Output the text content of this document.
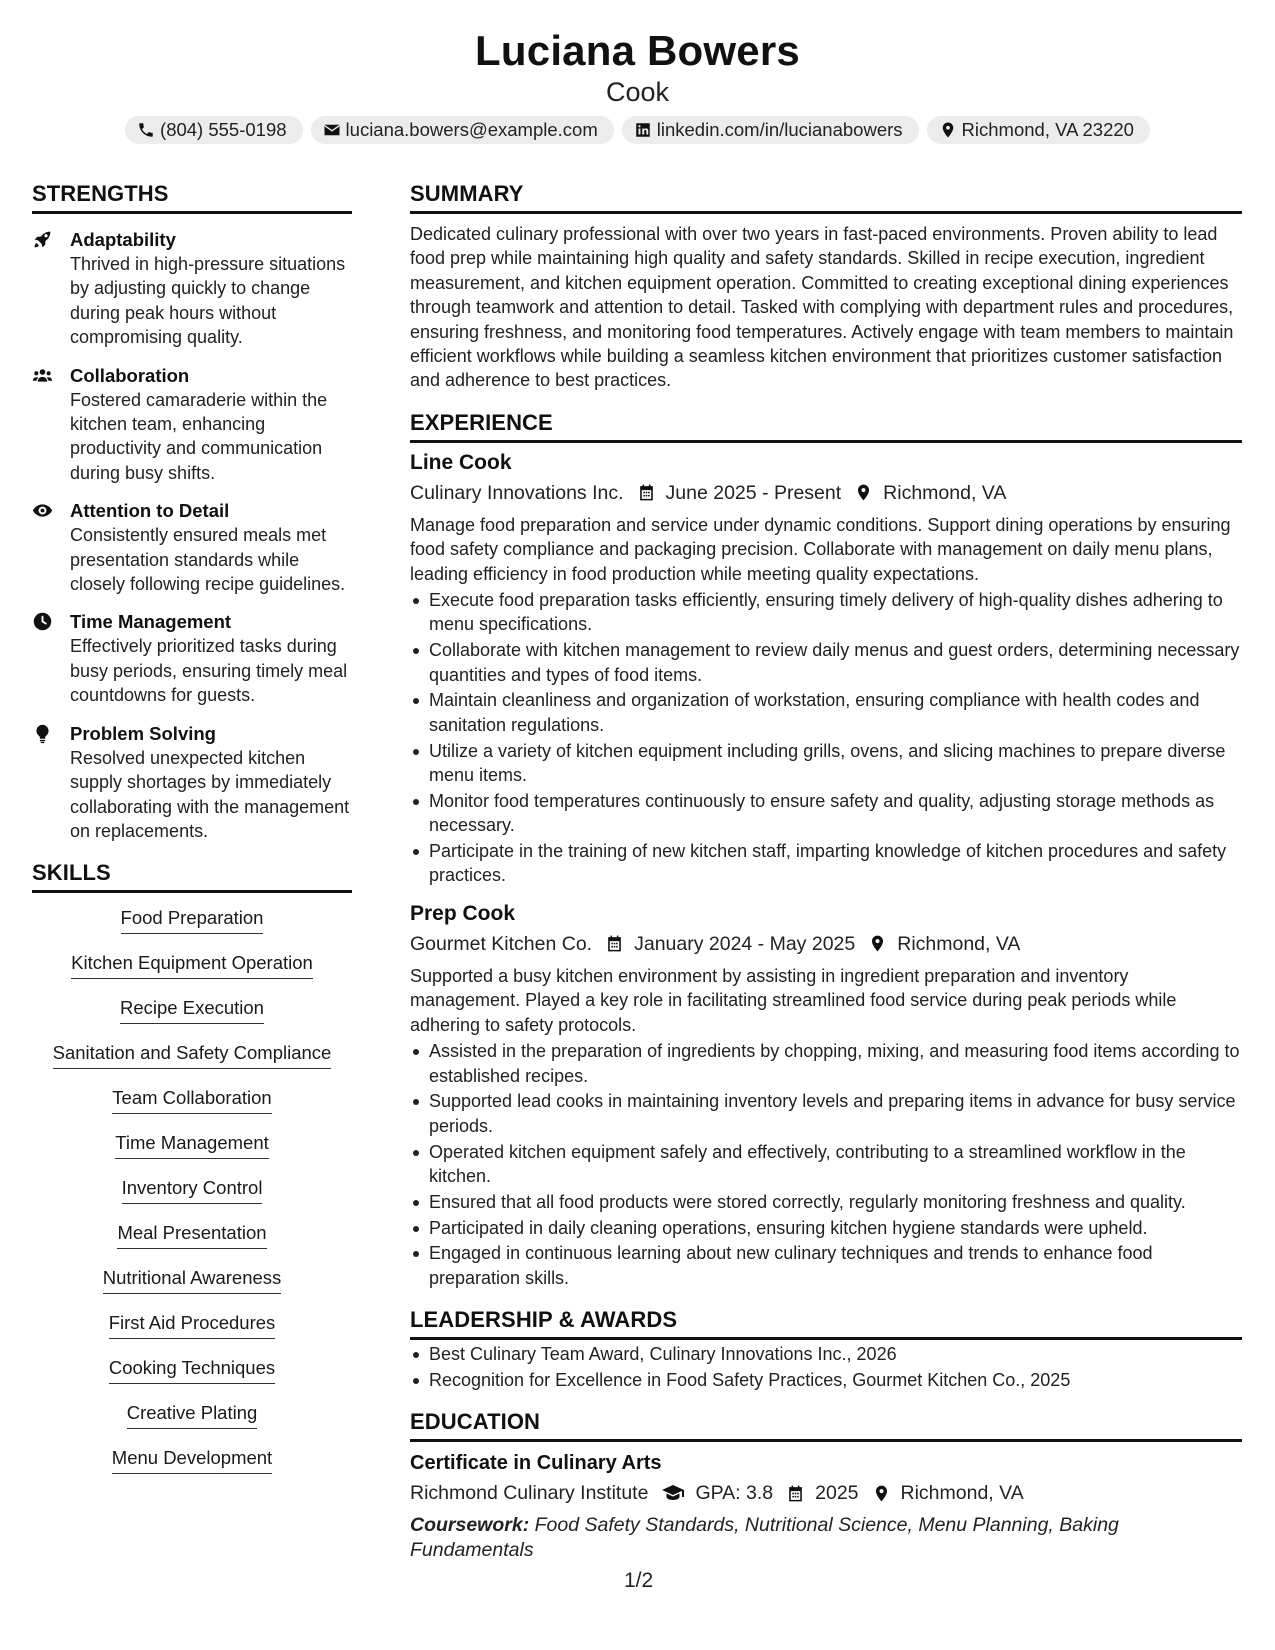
Luciana Bowers
Cook
(804) 555-0198	luciana.bowers@example.com	linkedin.com/in/lucianabowers	Richmond, VA 23220
STRENGTHS
Adaptability
Thrived in high-pressure situations by adjusting quickly to change during peak hours without compromising quality.
Collaboration
Fostered camaraderie within the kitchen team, enhancing productivity and communication during busy shifts.
Attention to Detail
Consistently ensured meals met presentation standards while closely following recipe guidelines.
Time Management
Effectively prioritized tasks during busy periods, ensuring timely meal countdowns for guests.
Problem Solving
Resolved unexpected kitchen supply shortages by immediately collaborating with the management on replacements.
SKILLS
Food Preparation
Kitchen Equipment Operation
Recipe Execution
Sanitation and Safety Compliance
Team Collaboration
Time Management
Inventory Control
Meal Presentation
Nutritional Awareness
First Aid Procedures
Cooking Techniques
Creative Plating
Menu Development
SUMMARY
Dedicated culinary professional with over two years in fast-paced environments. Proven ability to lead food prep while maintaining high quality and safety standards. Skilled in recipe execution, ingredient measurement, and kitchen equipment operation. Committed to creating exceptional dining experiences through teamwork and attention to detail. Tasked with complying with department rules and procedures, ensuring freshness, and monitoring food temperatures. Actively engage with team members to maintain efficient workflows while building a seamless kitchen environment that prioritizes customer satisfaction and adherence to best practices.
EXPERIENCE
Line Cook
Culinary Innovations Inc. June 2025 - Present Richmond, VA
Manage food preparation and service under dynamic conditions. Support dining operations by ensuring food safety compliance and packaging precision. Collaborate with management on daily menu plans, leading efficiency in food production while meeting quality expectations.
Execute food preparation tasks efficiently, ensuring timely delivery of high-quality dishes adhering to menu specifications.
Collaborate with kitchen management to review daily menus and guest orders, determining necessary quantities and types of food items.
Maintain cleanliness and organization of workstation, ensuring compliance with health codes and sanitation regulations.
Utilize a variety of kitchen equipment including grills, ovens, and slicing machines to prepare diverse menu items.
Monitor food temperatures continuously to ensure safety and quality, adjusting storage methods as necessary.
Participate in the training of new kitchen staff, imparting knowledge of kitchen procedures and safety practices.
Prep Cook
Gourmet Kitchen Co. January 2024 - May 2025 Richmond, VA
Supported a busy kitchen environment by assisting in ingredient preparation and inventory management. Played a key role in facilitating streamlined food service during peak periods while adhering to safety protocols.
Assisted in the preparation of ingredients by chopping, mixing, and measuring food items according to established recipes.
Supported lead cooks in maintaining inventory levels and preparing items in advance for busy service periods.
Operated kitchen equipment safely and effectively, contributing to a streamlined workflow in the kitchen.
Ensured that all food products were stored correctly, regularly monitoring freshness and quality.
Participated in daily cleaning operations, ensuring kitchen hygiene standards were upheld.
Engaged in continuous learning about new culinary techniques and trends to enhance food preparation skills.
LEADERSHIP & AWARDS
Best Culinary Team Award, Culinary Innovations Inc., 2026
Recognition for Excellence in Food Safety Practices, Gourmet Kitchen Co., 2025
EDUCATION
Certificate in Culinary Arts
Richmond Culinary Institute GPA: 3.8 2025 Richmond, VA
Coursework: Food Safety Standards, Nutritional Science, Menu Planning, Baking Fundamentals
1/2
